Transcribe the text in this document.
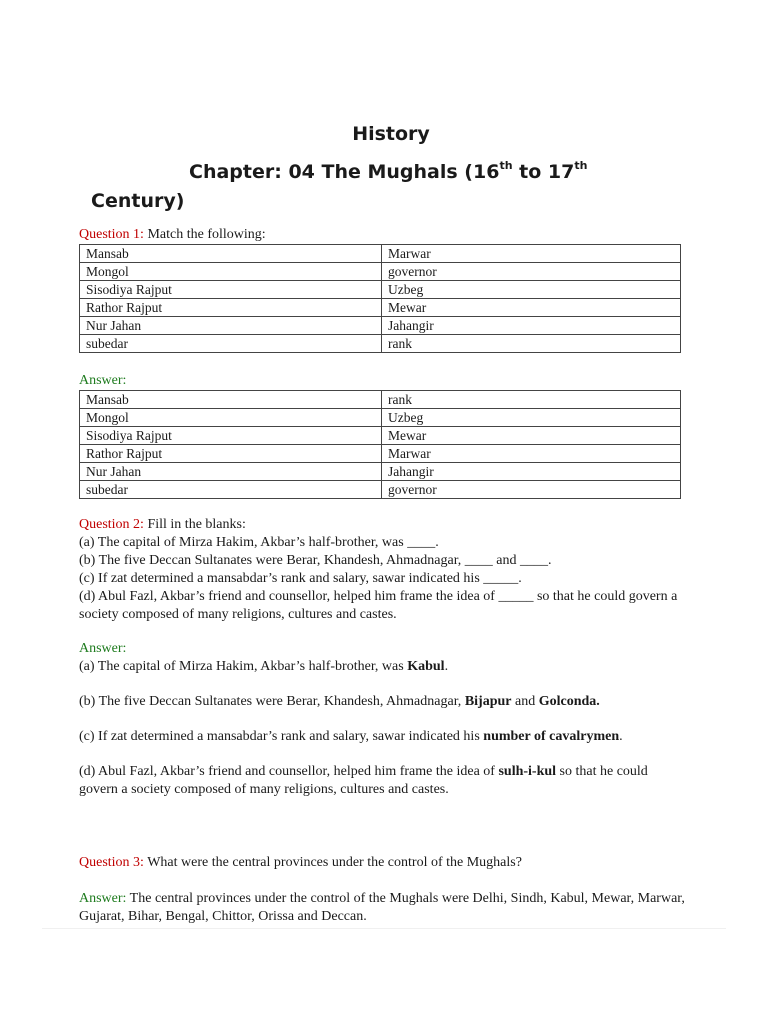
History
Chapter: 04 The Mughals (16th to 17th
Century)
Question 1: Match the following:
Mansab	Marwar
Mongol	governor
Sisodiya Rajput	Uzbeg
Rathor Rajput	Mewar
Nur Jahan	Jahangir
subedar	rank
Answer:
Mansab	rank
Mongol	Uzbeg
Sisodiya Rajput	Mewar
Rathor Rajput	Marwar
Nur Jahan	Jahangir
subedar	governor
Question 2: Fill in the blanks:
(a) The capital of Mirza Hakim, Akbar’s half-brother, was ____.
(b) The five Deccan Sultanates were Berar, Khandesh, Ahmadnagar, ____ and ____.
(c) If zat determined a mansabdar’s rank and salary, sawar indicated his _____.
(d) Abul Fazl, Akbar’s friend and counsellor, helped him frame the idea of _____ so that he could govern a society composed of many religions, cultures and castes.
Answer:
(a) The capital of Mirza Hakim, Akbar’s half-brother, was Kabul.
(b) The five Deccan Sultanates were Berar, Khandesh, Ahmadnagar, Bijapur and Golconda.
(c) If zat determined a mansabdar’s rank and salary, sawar indicated his number of cavalrymen.
(d) Abul Fazl, Akbar’s friend and counsellor, helped him frame the idea of sulh-i-kul so that he could govern a society composed of many religions, cultures and castes.
Question 3: What were the central provinces under the control of the Mughals?
Answer: The central provinces under the control of the Mughals were Delhi, Sindh, Kabul, Mewar, Marwar, Gujarat, Bihar, Bengal, Chittor, Orissa and Deccan.
